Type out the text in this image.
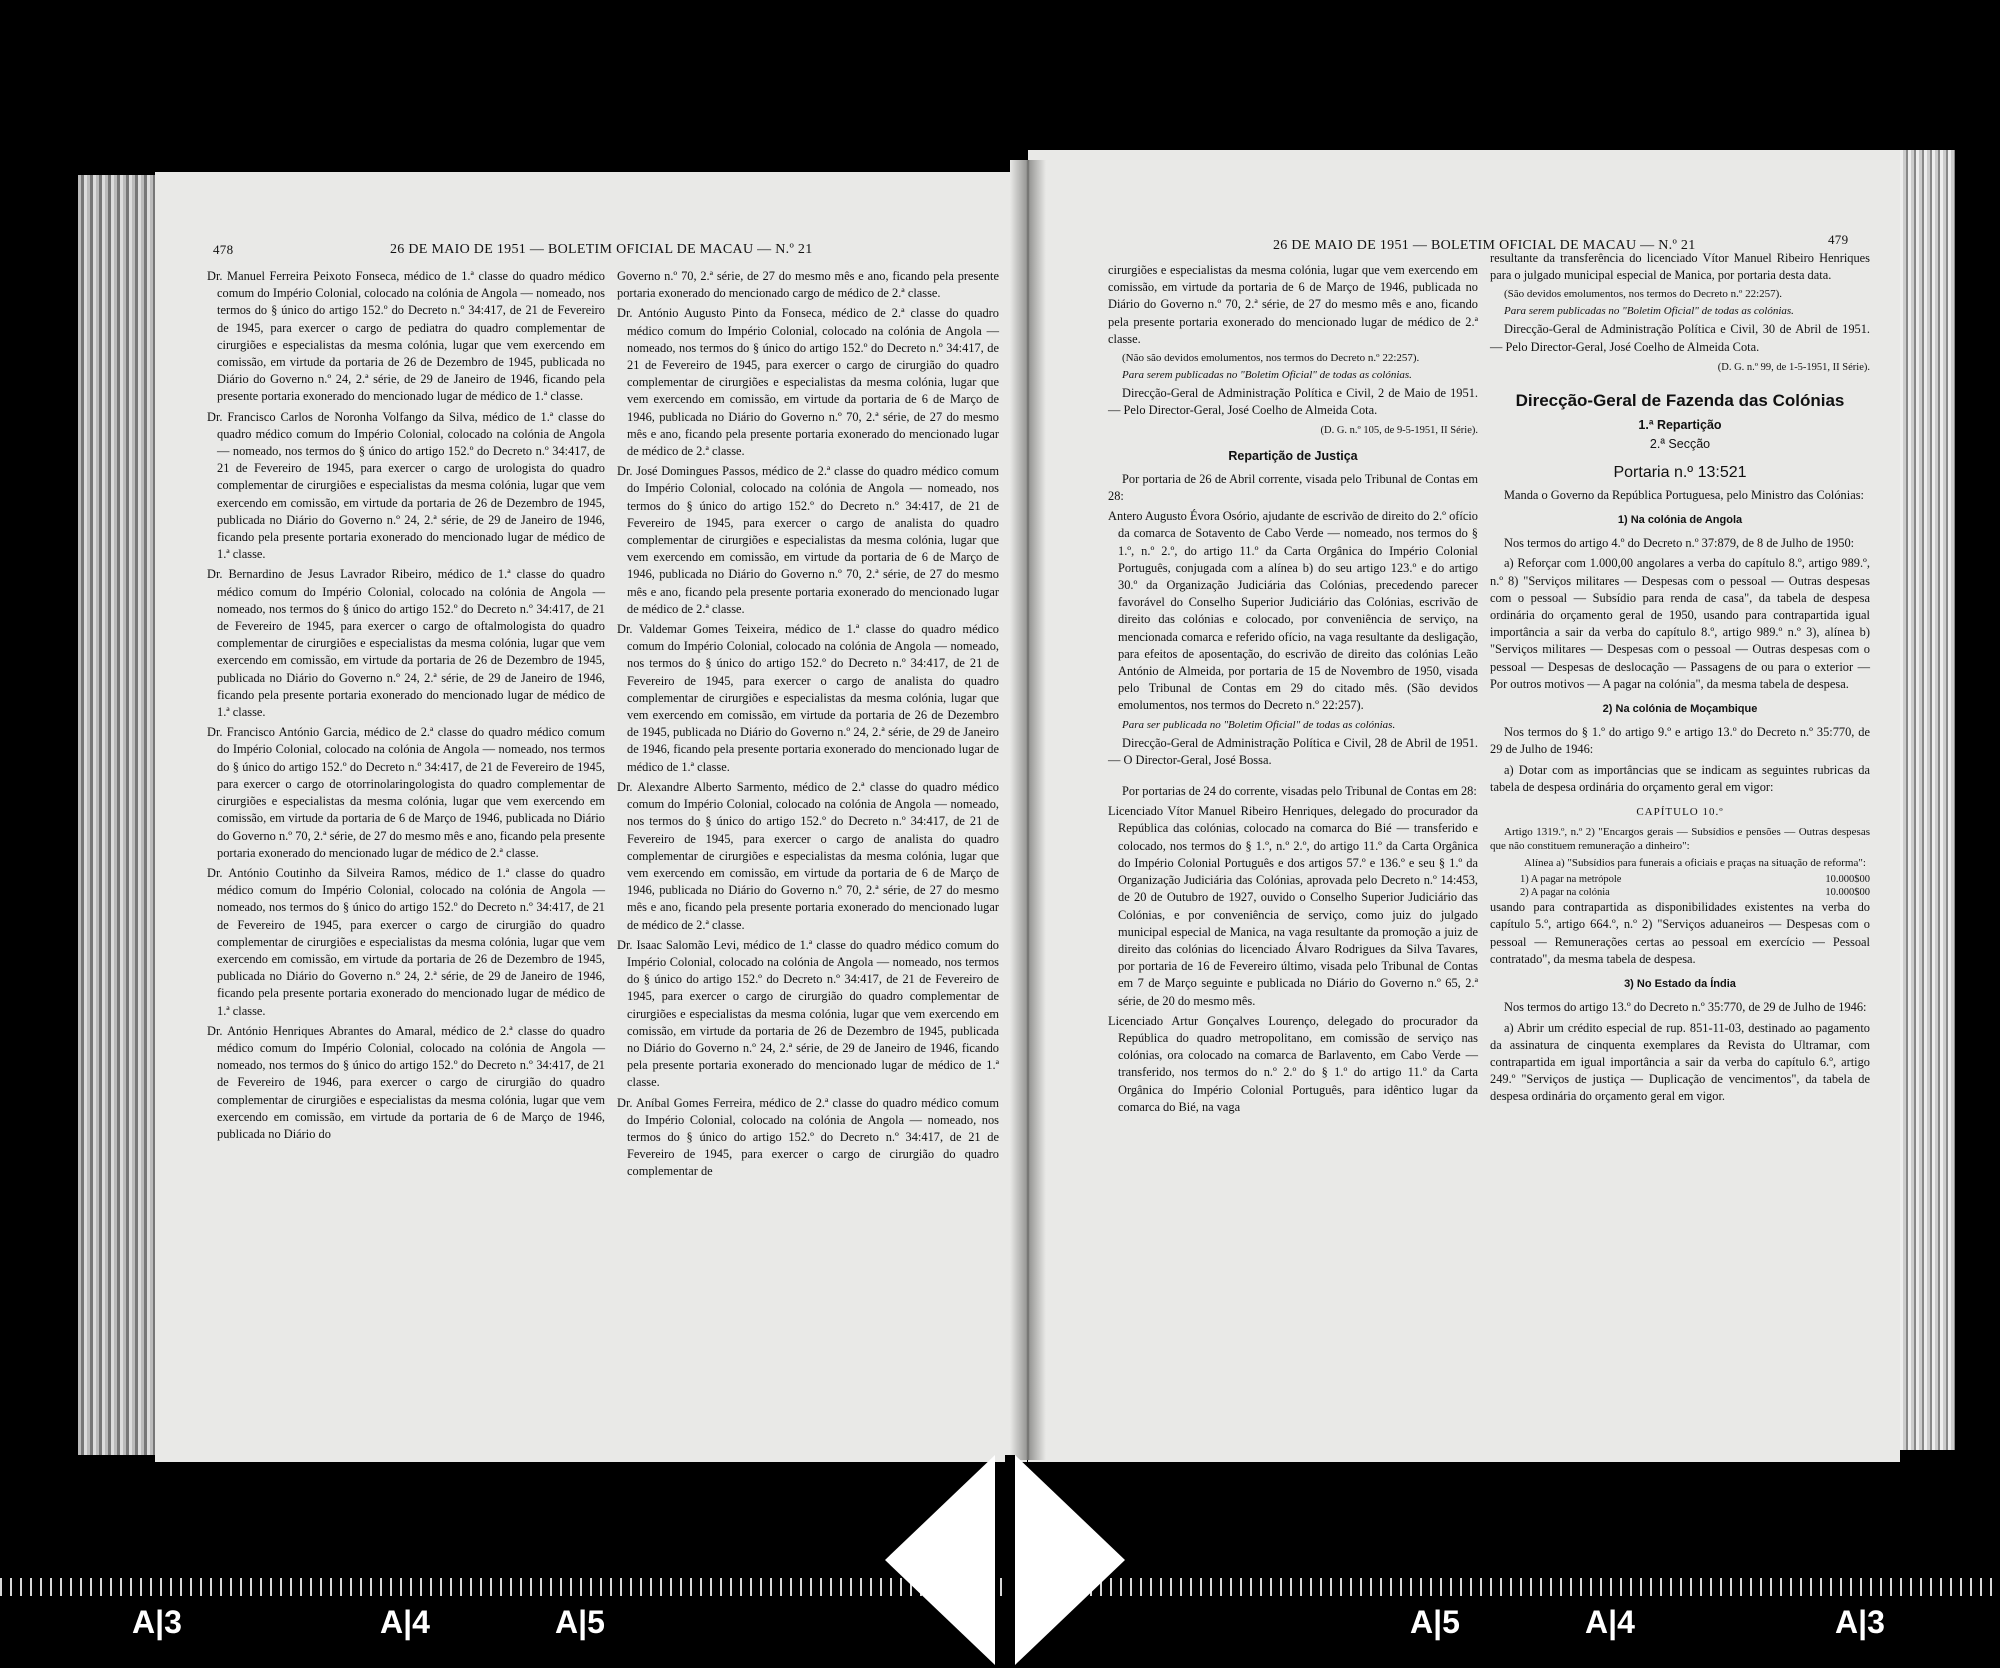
478	26 DE MAIO DE 1951 — BOLETIM OFICIAL DE MACAU — N.º 21

Dr. Manuel Ferreira Peixoto Fonseca, médico de 1.ª classe do quadro médico comum do Império Colonial, colocado na colónia de Angola — nomeado, nos termos do § único do artigo 152.º do Decreto n.º 34:417, de 21 de Fevereiro de 1945, para exercer o cargo de pediatra do quadro complementar de cirurgiões e especialistas da mesma colónia, lugar que vem exercendo em comissão, em virtude da portaria de 26 de Dezembro de 1945, publicada no Diário do Governo n.º 24, 2.ª série, de 29 de Janeiro de 1946, ficando pela presente portaria exonerado do mencionado lugar de médico de 1.ª classe.

Dr. Francisco Carlos de Noronha Volfango da Silva, médico de 1.ª classe do quadro médico comum do Império Colonial, colocado na colónia de Angola — nomeado, nos termos do § único do artigo 152.º do Decreto n.º 34:417, de 21 de Fevereiro de 1945, para exercer o cargo de urologista do quadro complementar de cirurgiões e especialistas da mesma colónia, lugar que vem exercendo em comissão, em virtude da portaria de 26 de Dezembro de 1945, publicada no Diário do Governo n.º 24, 2.ª série, de 29 de Janeiro de 1946, ficando pela presente portaria exonerado do mencionado lugar de médico de 1.ª classe.

Dr. Bernardino de Jesus Lavrador Ribeiro, médico de 1.ª classe do quadro médico comum do Império Colonial, colocado na colónia de Angola — nomeado, nos termos do § único do artigo 152.º do Decreto n.º 34:417, de 21 de Fevereiro de 1945, para exercer o cargo de oftalmologista do quadro complementar de cirurgiões e especialistas da mesma colónia, lugar que vem exercendo em comissão, em virtude da portaria de 26 de Dezembro de 1945, publicada no Diário do Governo n.º 24, 2.ª série, de 29 de Janeiro de 1946, ficando pela presente portaria exonerado do mencionado lugar de médico de 1.ª classe.

Dr. Francisco António Garcia, médico de 2.ª classe do quadro médico comum do Império Colonial, colocado na colónia de Angola — nomeado, nos termos do § único do artigo 152.º do Decreto n.º 34:417, de 21 de Fevereiro de 1945, para exercer o cargo de otorrinolaringologista do quadro complementar de cirurgiões e especialistas da mesma colónia, lugar que vem exercendo em comissão, em virtude da portaria de 6 de Março de 1946, publicada no Diário do Governo n.º 70, 2.ª série, de 27 do mesmo mês e ano, ficando pela presente portaria exonerado do mencionado lugar de médico de 2.ª classe.

Dr. António Coutinho da Silveira Ramos, médico de 1.ª classe do quadro médico comum do Império Colonial, colocado na colónia de Angola — nomeado, nos termos do § único do artigo 152.º do Decreto n.º 34:417, de 21 de Fevereiro de 1945, para exercer o cargo de cirurgião do quadro complementar de cirurgiões e especialistas da mesma colónia, lugar que vem exercendo em comissão, em virtude da portaria de 26 de Dezembro de 1945, publicada no Diário do Governo n.º 24, 2.ª série, de 29 de Janeiro de 1946, ficando pela presente portaria exonerado do mencionado lugar de médico de 1.ª classe.

Dr. António Henriques Abrantes do Amaral, médico de 2.ª classe do quadro médico comum do Império Colonial, colocado na colónia de Angola — nomeado, nos termos do § único do artigo 152.º do Decreto n.º 34:417, de 21 de Fevereiro de 1946, para exercer o cargo de cirurgião do quadro complementar de cirurgiões e especialistas da mesma colónia, lugar que vem exercendo em comissão, em virtude da portaria de 6 de Março de 1946, publicada no Diário do

Governo n.º 70, 2.ª série, de 27 do mesmo mês e ano, ficando pela presente portaria exonerado do mencionado cargo de médico de 2.ª classe.

Dr. António Augusto Pinto da Fonseca, médico de 2.ª classe do quadro médico comum do Império Colonial, colocado na colónia de Angola — nomeado, nos termos do § único do artigo 152.º do Decreto n.º 34:417, de 21 de Fevereiro de 1945, para exercer o cargo de cirurgião do quadro complementar de cirurgiões e especialistas da mesma colónia, lugar que vem exercendo em comissão, em virtude da portaria de 6 de Março de 1946, publicada no Diário do Governo n.º 70, 2.ª série, de 27 do mesmo mês e ano, ficando pela presente portaria exonerado do mencionado lugar de médico de 2.ª classe.

Dr. José Domingues Passos, médico de 2.ª classe do quadro médico comum do Império Colonial, colocado na colónia de Angola — nomeado, nos termos do § único do artigo 152.º do Decreto n.º 34:417, de 21 de Fevereiro de 1945, para exercer o cargo de analista do quadro complementar de cirurgiões e especialistas da mesma colónia, lugar que vem exercendo em comissão, em virtude da portaria de 6 de Março de 1946, publicada no Diário do Governo n.º 70, 2.ª série, de 27 do mesmo mês e ano, ficando pela presente portaria exonerado do mencionado lugar de médico de 2.ª classe.

Dr. Valdemar Gomes Teixeira, médico de 1.ª classe do quadro médico comum do Império Colonial, colocado na colónia de Angola — nomeado, nos termos do § único do artigo 152.º do Decreto n.º 34:417, de 21 de Fevereiro de 1945, para exercer o cargo de analista do quadro complementar de cirurgiões e especialistas da mesma colónia, lugar que vem exercendo em comissão, em virtude da portaria de 26 de Dezembro de 1945, publicada no Diário do Governo n.º 24, 2.ª série, de 29 de Janeiro de 1946, ficando pela presente portaria exonerado do mencionado lugar de médico de 1.ª classe.

Dr. Alexandre Alberto Sarmento, médico de 2.ª classe do quadro médico comum do Império Colonial, colocado na colónia de Angola — nomeado, nos termos do § único do artigo 152.º do Decreto n.º 34:417, de 21 de Fevereiro de 1945, para exercer o cargo de analista do quadro complementar de cirurgiões e especialistas da mesma colónia, lugar que vem exercendo em comissão, em virtude da portaria de 6 de Março de 1946, publicada no Diário do Governo n.º 70, 2.ª série, de 27 do mesmo mês e ano, ficando pela presente portaria exonerado do mencionado lugar de médico de 2.ª classe.

Dr. Isaac Salomão Levi, médico de 1.ª classe do quadro médico comum do Império Colonial, colocado na colónia de Angola — nomeado, nos termos do § único do artigo 152.º do Decreto n.º 34:417, de 21 de Fevereiro de 1945, para exercer o cargo de cirurgião do quadro complementar de cirurgiões e especialistas da mesma colónia, lugar que vem exercendo em comissão, em virtude da portaria de 26 de Dezembro de 1945, publicada no Diário do Governo n.º 24, 2.ª série, de 29 de Janeiro de 1946, ficando pela presente portaria exonerado do mencionado lugar de médico de 1.ª classe.

Dr. Aníbal Gomes Ferreira, médico de 2.ª classe do quadro médico comum do Império Colonial, colocado na colónia de Angola — nomeado, nos termos do § único do artigo 152.º do Decreto n.º 34:417, de 21 de Fevereiro de 1945, para exercer o cargo de cirurgião do quadro complementar de

26 DE MAIO DE 1951 — BOLETIM OFICIAL DE MACAU — N.º 21	479

cirurgiões e especialistas da mesma colónia, lugar que vem exercendo em comissão, em virtude da portaria de 6 de Março de 1946, publicada no Diário do Governo n.º 70, 2.ª série, de 27 do mesmo mês e ano, ficando pela presente portaria exonerado do mencionado lugar de médico de 2.ª classe.

(Não são devidos emolumentos, nos termos do Decreto n.º 22:257).

Para serem publicadas no "Boletim Oficial" de todas as colónias.

Direcção-Geral de Administração Política e Civil, 2 de Maio de 1951. — Pelo Director-Geral, José Coelho de Almeida Cota.

(D. G. n.º 105, de 9-5-1951, II Série).

Repartição de Justiça

Por portaria de 26 de Abril corrente, visada pelo Tribunal de Contas em 28:

Antero Augusto Évora Osório, ajudante de escrivão de direito do 2.º ofício da comarca de Sotavento de Cabo Verde — nomeado, nos termos do § 1.º, n.º 2.º, do artigo 11.º da Carta Orgânica do Império Colonial Português, conjugada com a alínea b) do seu artigo 123.º e do artigo 30.º da Organização Judiciária das Colónias, precedendo parecer favorável do Conselho Superior Judiciário das Colónias, escrivão de direito das colónias e colocado, por conveniência de serviço, na mencionada comarca e referido ofício, na vaga resultante da desligação, para efeitos de aposentação, do escrivão de direito das colónias Leão António de Almeida, por portaria de 15 de Novembro de 1950, visada pelo Tribunal de Contas em 29 do citado mês. (São devidos emolumentos, nos termos do Decreto n.º 22:257).

Para ser publicada no "Boletim Oficial" de todas as colónias.

Direcção-Geral de Administração Política e Civil, 28 de Abril de 1951. — O Director-Geral, José Bossa.

Por portarias de 24 do corrente, visadas pelo Tribunal de Contas em 28:

Licenciado Vítor Manuel Ribeiro Henriques, delegado do procurador da República das colónias, colocado na comarca do Bié — transferido e colocado, nos termos do § 1.º, n.º 2.º, do artigo 11.º da Carta Orgânica do Império Colonial Português e dos artigos 57.º e 136.º e seu § 1.º da Organização Judiciária das Colónias, aprovada pelo Decreto n.º 14:453, de 20 de Outubro de 1927, ouvido o Conselho Superior Judiciário das Colónias, e por conveniência de serviço, como juiz do julgado municipal especial de Manica, na vaga resultante da promoção a juiz de direito das colónias do licenciado Álvaro Rodrigues da Silva Tavares, por portaria de 16 de Fevereiro último, visada pelo Tribunal de Contas em 7 de Março seguinte e publicada no Diário do Governo n.º 65, 2.ª série, de 20 do mesmo mês.

Licenciado Artur Gonçalves Lourenço, delegado do procurador da República do quadro metropolitano, em comissão de serviço nas colónias, ora colocado na comarca de Barlavento, em Cabo Verde — transferido, nos termos do n.º 2.º do § 1.º do artigo 11.º da Carta Orgânica do Império Colonial Português, para idêntico lugar da comarca do Bié, na vaga

resultante da transferência do licenciado Vítor Manuel Ribeiro Henriques para o julgado municipal especial de Manica, por portaria desta data.

(São devidos emolumentos, nos termos do Decreto n.º 22:257).

Para serem publicadas no "Boletim Oficial" de todas as colónias.

Direcção-Geral de Administração Política e Civil, 30 de Abril de 1951. — Pelo Director-Geral, José Coelho de Almeida Cota.

(D. G. n.º 99, de 1-5-1951, II Série).

Direcção-Geral de Fazenda das Colónias
1.ª Repartição
2.ª Secção
Portaria n.º 13:521

Manda o Governo da República Portuguesa, pelo Ministro das Colónias:

1) Na colónia de Angola

Nos termos do artigo 4.º do Decreto n.º 37:879, de 8 de Julho de 1950:

a) Reforçar com 1.000,00 angolares a verba do capítulo 8.º, artigo 989.º, n.º 8) "Serviços militares — Despesas com o pessoal — Outras despesas com o pessoal — Subsídio para renda de casa", da tabela de despesa ordinária do orçamento geral de 1950, usando para contrapartida igual importância a sair da verba do capítulo 8.º, artigo 989.º n.º 3), alínea b) "Serviços militares — Despesas com o pessoal — Outras despesas com o pessoal — Despesas de deslocação — Passagens de ou para o exterior — Por outros motivos — A pagar na colónia", da mesma tabela de despesa.

2) Na colónia de Moçambique

Nos termos do § 1.º do artigo 9.º e artigo 13.º do Decreto n.º 35:770, de 29 de Julho de 1946:

a) Dotar com as importâncias que se indicam as seguintes rubricas da tabela de despesa ordinária do orçamento geral em vigor:

CAPÍTULO 10.º

Artigo 1319.º, n.º 2) "Encargos gerais — Subsídios e pensões — Outras despesas que não constituem remuneração a dinheiro":

Alínea a) "Subsídios para funerais a oficiais e praças na situação de reforma":

1) A pagar na metrópole	10.000$00
2) A pagar na colónia	10.000$00

usando para contrapartida as disponibilidades existentes na verba do capítulo 5.º, artigo 664.º, n.º 2) "Serviços aduaneiros — Despesas com o pessoal — Remunerações certas ao pessoal em exercício — Pessoal contratado", da mesma tabela de despesa.

3) No Estado da Índia

Nos termos do artigo 13.º do Decreto n.º 35:770, de 29 de Julho de 1946:

a) Abrir um crédito especial de rup. 851-11-03, destinado ao pagamento da assinatura de cinquenta exemplares da Revista do Ultramar, com contrapartida em igual importância a sair da verba do capítulo 6.º, artigo 249.º "Serviços de justiça — Duplicação de vencimentos", da tabela de despesa ordinária do orçamento geral em vigor.

A|3	A|4	A|5	A|5	A|4	A|3
